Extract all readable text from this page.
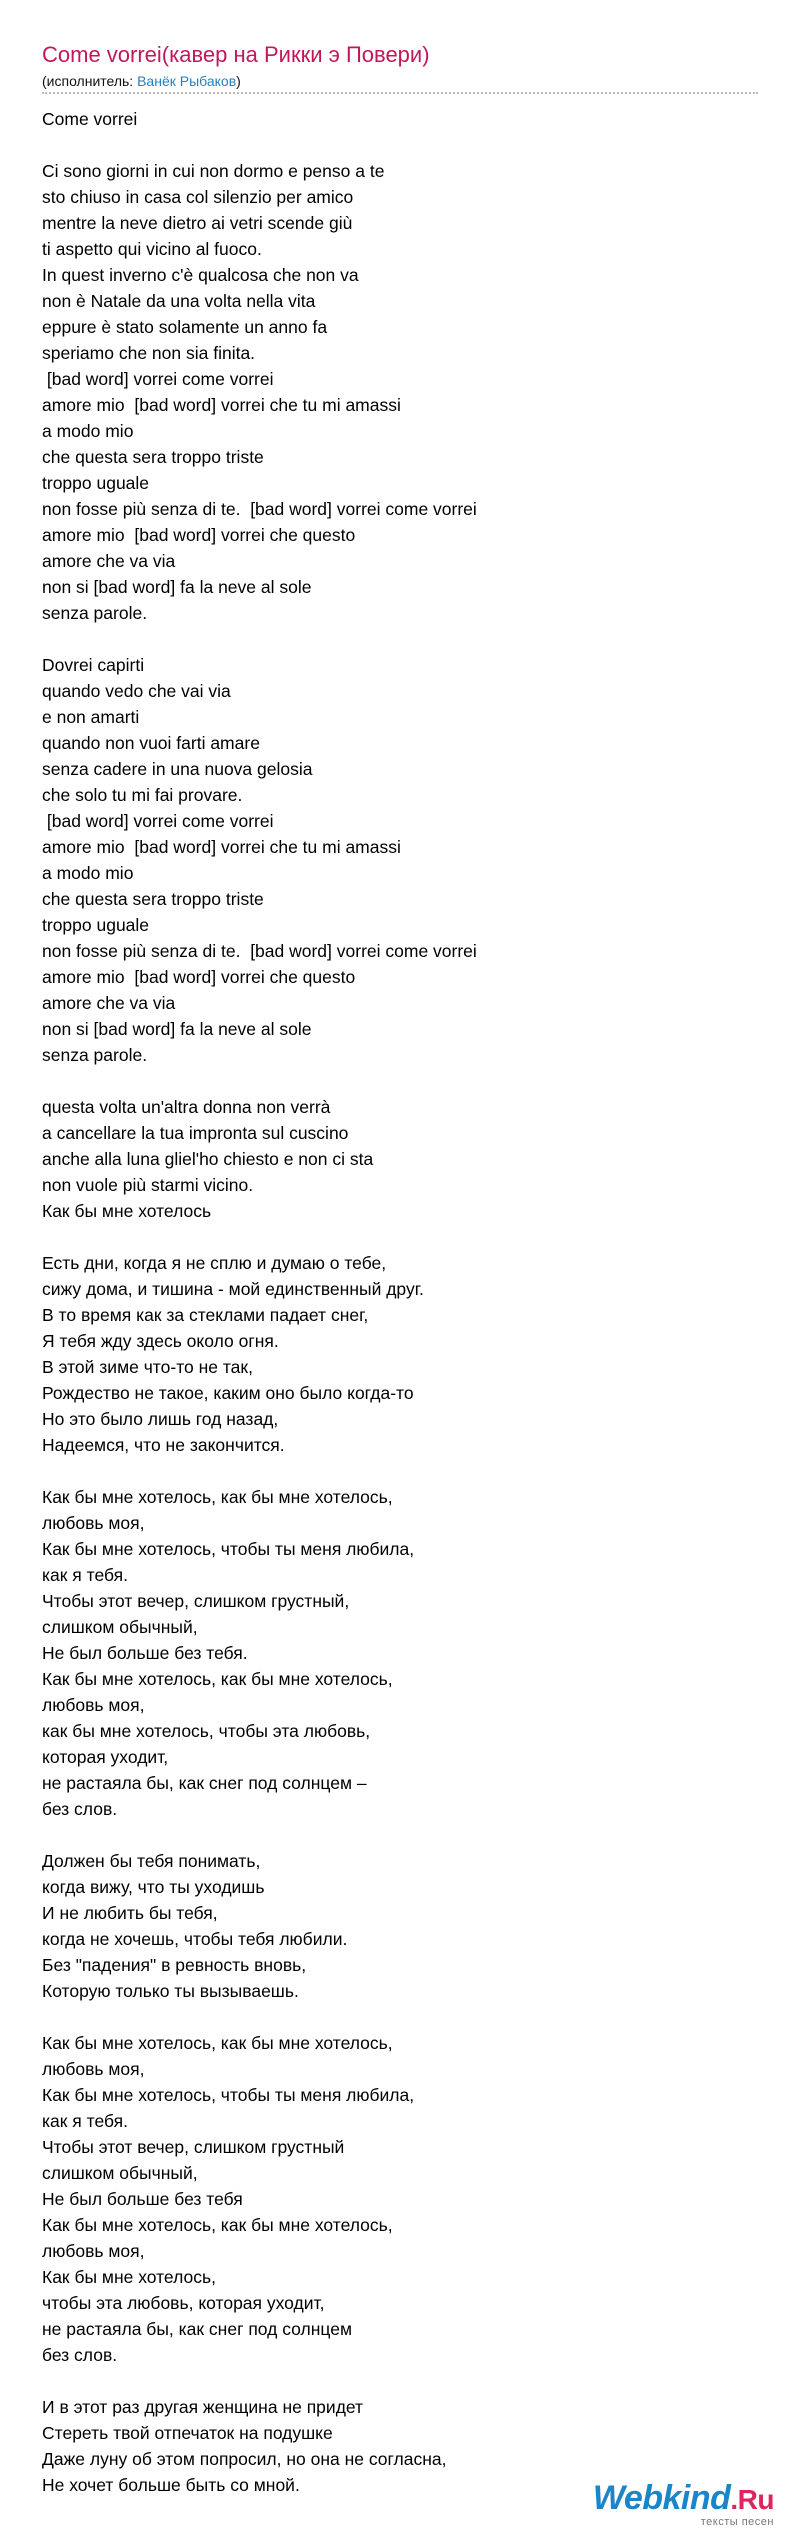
Come vorrei(кавер на Рикки э Повери)
(исполнитель: Ванёк Рыбаков)
Come vorrei
Ci sono giorni in cui non dormo e penso a te
sto chiuso in casa col silenzio per amico
mentre la neve dietro ai vetri scende giù
ti aspetto qui vicino al fuoco.
In quest inverno c'è qualcosa che non va
non è Natale da una volta nella vita
eppure è stato solamente un anno fa
speriamo che non sia finita.
[bad word] vorrei come vorrei
amore mio  [bad word] vorrei che tu mi amassi
a modo mio
che questa sera troppo triste
troppo uguale
non fosse più senza di te.  [bad word] vorrei come vorrei
amore mio  [bad word] vorrei che questo
amore che va via
non si [bad word] fa la neve al sole
senza parole.
Dovrei capirti
quando vedo che vai via
e non amarti
quando non vuoi farti amare
senza cadere in una nuova gelosia
che solo tu mi fai provare.
[bad word] vorrei come vorrei
amore mio  [bad word] vorrei che tu mi amassi
a modo mio
che questa sera troppo triste
troppo uguale
non fosse più senza di te.  [bad word] vorrei come vorrei
amore mio  [bad word] vorrei che questo
amore che va via
non si [bad word] fa la neve al sole
senza parole.
questa volta un'altra donna non verrà
a cancellare la tua impronta sul cuscino
anche alla luna gliel'ho chiesto e non ci sta
non vuole più starmi vicino.
Как бы мне хотелось
Есть дни, когда я не сплю и думаю о тебе,
сижу дома, и тишина - мой единственный друг.
В то время как за стеклами падает снег,
Я тебя жду здесь около огня.
В этой зиме что-то не так,
Рождество не такое, каким оно было когда-то
Но это было лишь год назад,
Надеемся, что не закончится.
Как бы мне хотелось, как бы мне хотелось,
любовь моя,
Как бы мне хотелось, чтобы ты меня любила,
как я тебя.
Чтобы этот вечер, слишком грустный,
слишком обычный,
Не был больше без тебя.
Как бы мне хотелось, как бы мне хотелось,
любовь моя,
как бы мне хотелось, чтобы эта любовь,
которая уходит,
не растаяла бы, как снег под солнцем –
без слов.
Должен бы тебя понимать,
когда вижу, что ты уходишь
И не любить бы тебя,
когда не хочешь, чтобы тебя любили.
Без "падения" в ревность вновь,
Которую только ты вызываешь.
Как бы мне хотелось, как бы мне хотелось,
любовь моя,
Как бы мне хотелось, чтобы ты меня любила,
как я тебя.
Чтобы этот вечер, слишком грустный
слишком обычный,
Не был больше без тебя
Как бы мне хотелось, как бы мне хотелось,
любовь моя,
Как бы мне хотелось,
чтобы эта любовь, которая уходит,
не растаяла бы, как снег под солнцем
без слов.
И в этот раз другая женщина не придет
Стереть твой отпечаток на подушке
Даже луну об этом попросил, но она не согласна,
Не хочет больше быть со мной.	Webkind.Ru
тексты песен
